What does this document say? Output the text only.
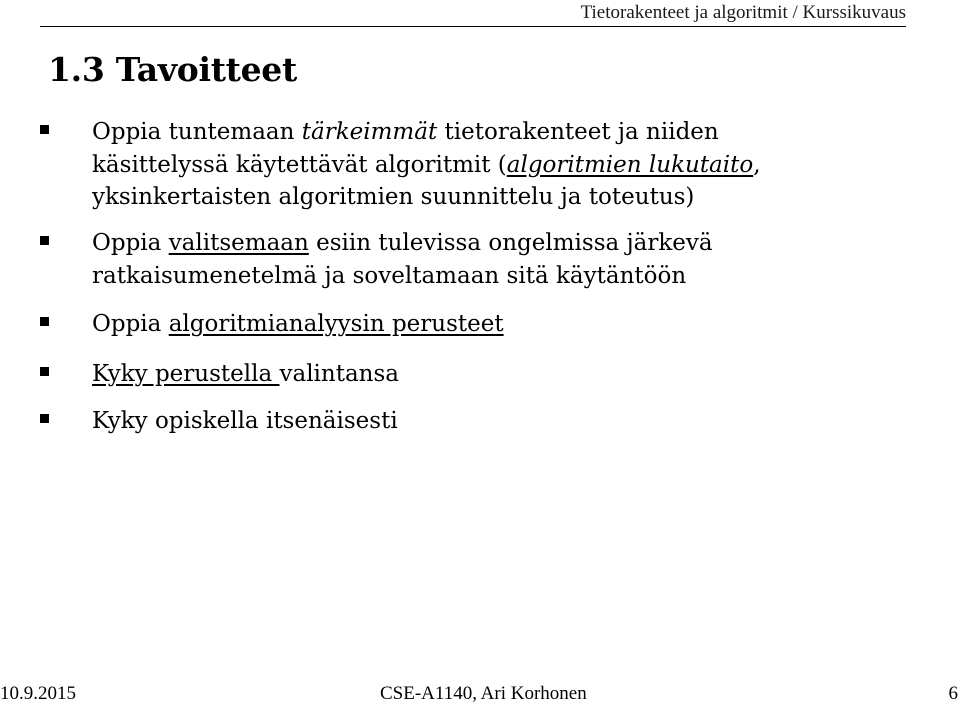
Tietorakenteet ja algoritmit / Kurssikuvaus
1.3 Tavoitteet
Oppia tuntemaan tärkeimmät tietorakenteet ja niiden
käsittelyssä käytettävät algoritmit (algoritmien lukutaito,
yksinkertaisten algoritmien suunnittelu ja toteutus)
Oppia valitsemaan esiin tulevissa ongelmissa järkevä
ratkaisumenetelmä ja soveltamaan sitä käytäntöön
Oppia algoritmianalyysin perusteet
Kyky perustella valintansa
Kyky opiskella itsenäisesti
10.9.2015	CSE-A1140, Ari Korhonen	6
